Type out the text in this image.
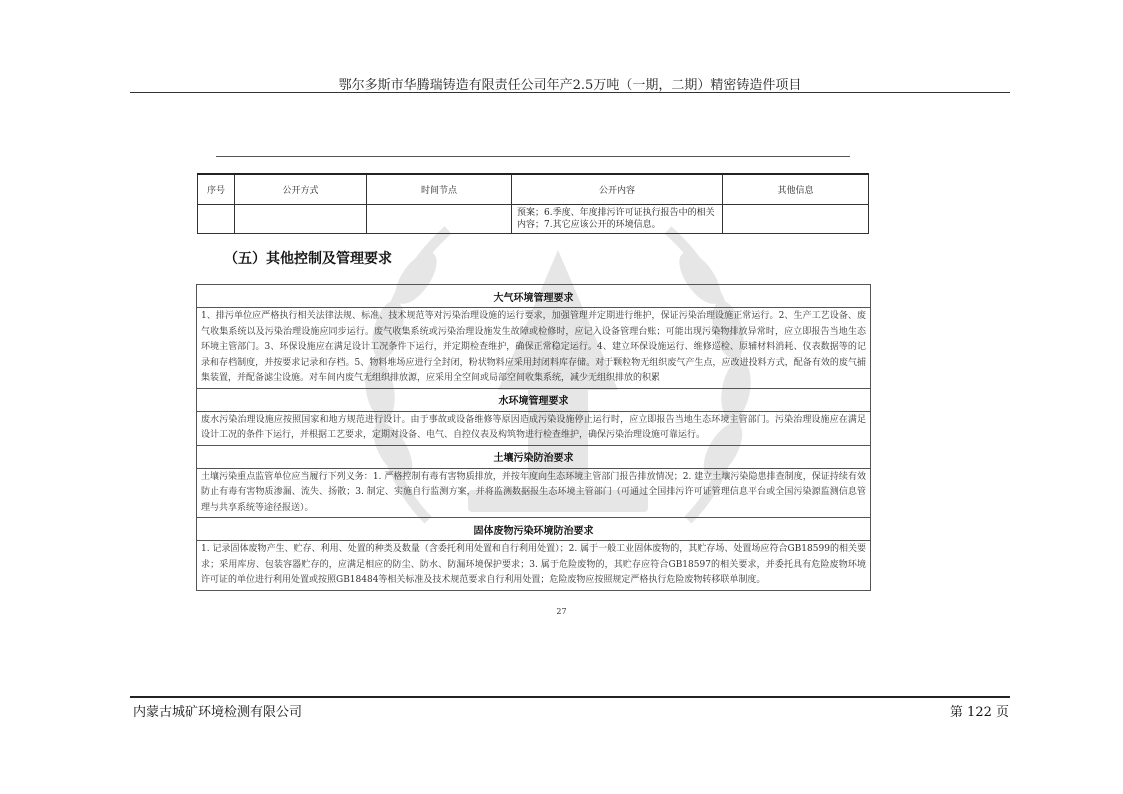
鄂尔多斯市华腾瑞铸造有限责任公司年产2.5万吨（一期，二期）精密铸造件项目
序号	公开方式	时间节点	公开内容	其他信息
			预案；6.季度、年度排污许可证执行报告中的相关内容；7.其它应该公开的环境信息。	
（五）其他控制及管理要求
大气环境管理要求
1、排污单位应严格执行相关法律法规、标准、技术规范等对污染治理设施的运行要求，加强管理并定期进行维护，保证污染治理设施正常运行。2、生产工艺设备、废气收集系统以及污染治理设施应同步运行。废气收集系统或污染治理设施发生故障或检修时，应记入设备管理台账；可能出现污染物排放异常时，应立即报告当地生态环境主管部门。3、环保设施应在满足设计工况条件下运行，并定期检查维护，确保正常稳定运行。4、建立环保设施运行、维修巡检、原辅材料消耗、仪表数据等的记录和存档制度，并按要求记录和存档。5、物料堆场应进行全封闭，粉状物料应采用封闭料库存储。对于颗粒物无组织废气产生点，应改进投料方式，配备有效的废气捕集装置，并配备滤尘设施。对车间内废气无组织排放源，应采用全空间或局部空间收集系统，减少无组织排放的积累
水环境管理要求
废水污染治理设施应按照国家和地方规范进行设计。由于事故或设备维修等原因造成污染设施停止运行时，应立即报告当地生态环境主管部门。污染治理设施应在满足设计工况的条件下运行，并根据工艺要求，定期对设备、电气、自控仪表及构筑物进行检查维护，确保污染治理设施可靠运行。
土壤污染防治要求
土壤污染重点监管单位应当履行下列义务：1. 严格控制有毒有害物质排放，并按年度向生态环境主管部门报告排放情况；2. 建立土壤污染隐患排查制度，保证持续有效防止有毒有害物质渗漏、流失、扬散；3. 制定、实施自行监测方案，并将监测数据报生态环境主管部门（可通过全国排污许可证管理信息平台或全国污染源监测信息管理与共享系统等途径报送）。
固体废物污染环境防治要求
1. 记录固体废物产生、贮存、利用、处置的种类及数量（含委托利用处置和自行利用处置）；2. 属于一般工业固体废物的，其贮存场、处置场应符合GB18599的相关要求；采用库房、包装容器贮存的，应满足相应的防尘、防水、防漏环境保护要求；3. 属于危险废物的，其贮存应符合GB18597的相关要求，并委托具有危险废物环境许可证的单位进行利用处置或按照GB18484等相关标准及技术规范要求自行利用处置；危险废物应按照规定严格执行危险废物转移联单制度。
27
内蒙古城矿环境检测有限公司	第 122 页
